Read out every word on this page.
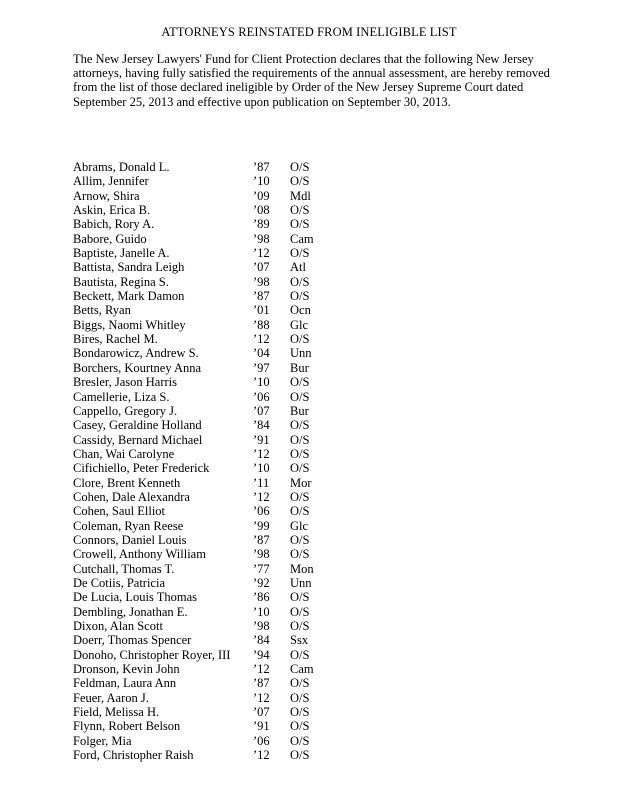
ATTORNEYS REINSTATED FROM INELIGIBLE LIST
The New Jersey Lawyers' Fund for Client Protection declares that the following New Jersey attorneys, having fully satisfied the requirements of the annual assessment, are hereby removed from the list of those declared ineligible by Order of the New Jersey Supreme Court dated September 25, 2013 and effective upon publication on September 30, 2013.
Abrams, Donald L.	’87 O/S
Allim, Jennifer	’10 O/S
Arnow, Shira	’09 Mdl
Askin, Erica B.	’08 O/S
Babich, Rory A.	’89 O/S
Babore, Guido	’98 Cam
Baptiste, Janelle A.	’12 O/S
Battista, Sandra Leigh	’07 Atl
Bautista, Regina S.	’98 O/S
Beckett, Mark Damon	’87 O/S
Betts, Ryan	’01 Ocn
Biggs, Naomi Whitley	’88 Glc
Bires, Rachel M.	’12 O/S
Bondarowicz, Andrew S.	’04 Unn
Borchers, Kourtney Anna	’97 Bur
Bresler, Jason Harris	’10 O/S
Camellerie, Liza S.	’06 O/S
Cappello, Gregory J.	’07 Bur
Casey, Geraldine Holland	’84 O/S
Cassidy, Bernard Michael	’91 O/S
Chan, Wai Carolyne	’12 O/S
Cifichiello, Peter Frederick	’10 O/S
Clore, Brent Kenneth	’11 Mor
Cohen, Dale Alexandra	’12 O/S
Cohen, Saul Elliot	’06 O/S
Coleman, Ryan Reese	’99 Glc
Connors, Daniel Louis	’87 O/S
Crowell, Anthony William	’98 O/S
Cutchall, Thomas T.	’77 Mon
De Cotiis, Patricia	’92 Unn
De Lucia, Louis Thomas	’86 O/S
Dembling, Jonathan E.	’10 O/S
Dixon, Alan Scott	’98 O/S
Doerr, Thomas Spencer	’84 Ssx
Donoho, Christopher Royer, III ’94 O/S
Dronson, Kevin John	’12 Cam
Feldman, Laura Ann	’87 O/S
Feuer, Aaron J.	’12 O/S
Field, Melissa H.	’07 O/S
Flynn, Robert Belson	’91 O/S
Folger, Mia	’06 O/S
Ford, Christopher Raish	’12 O/S
